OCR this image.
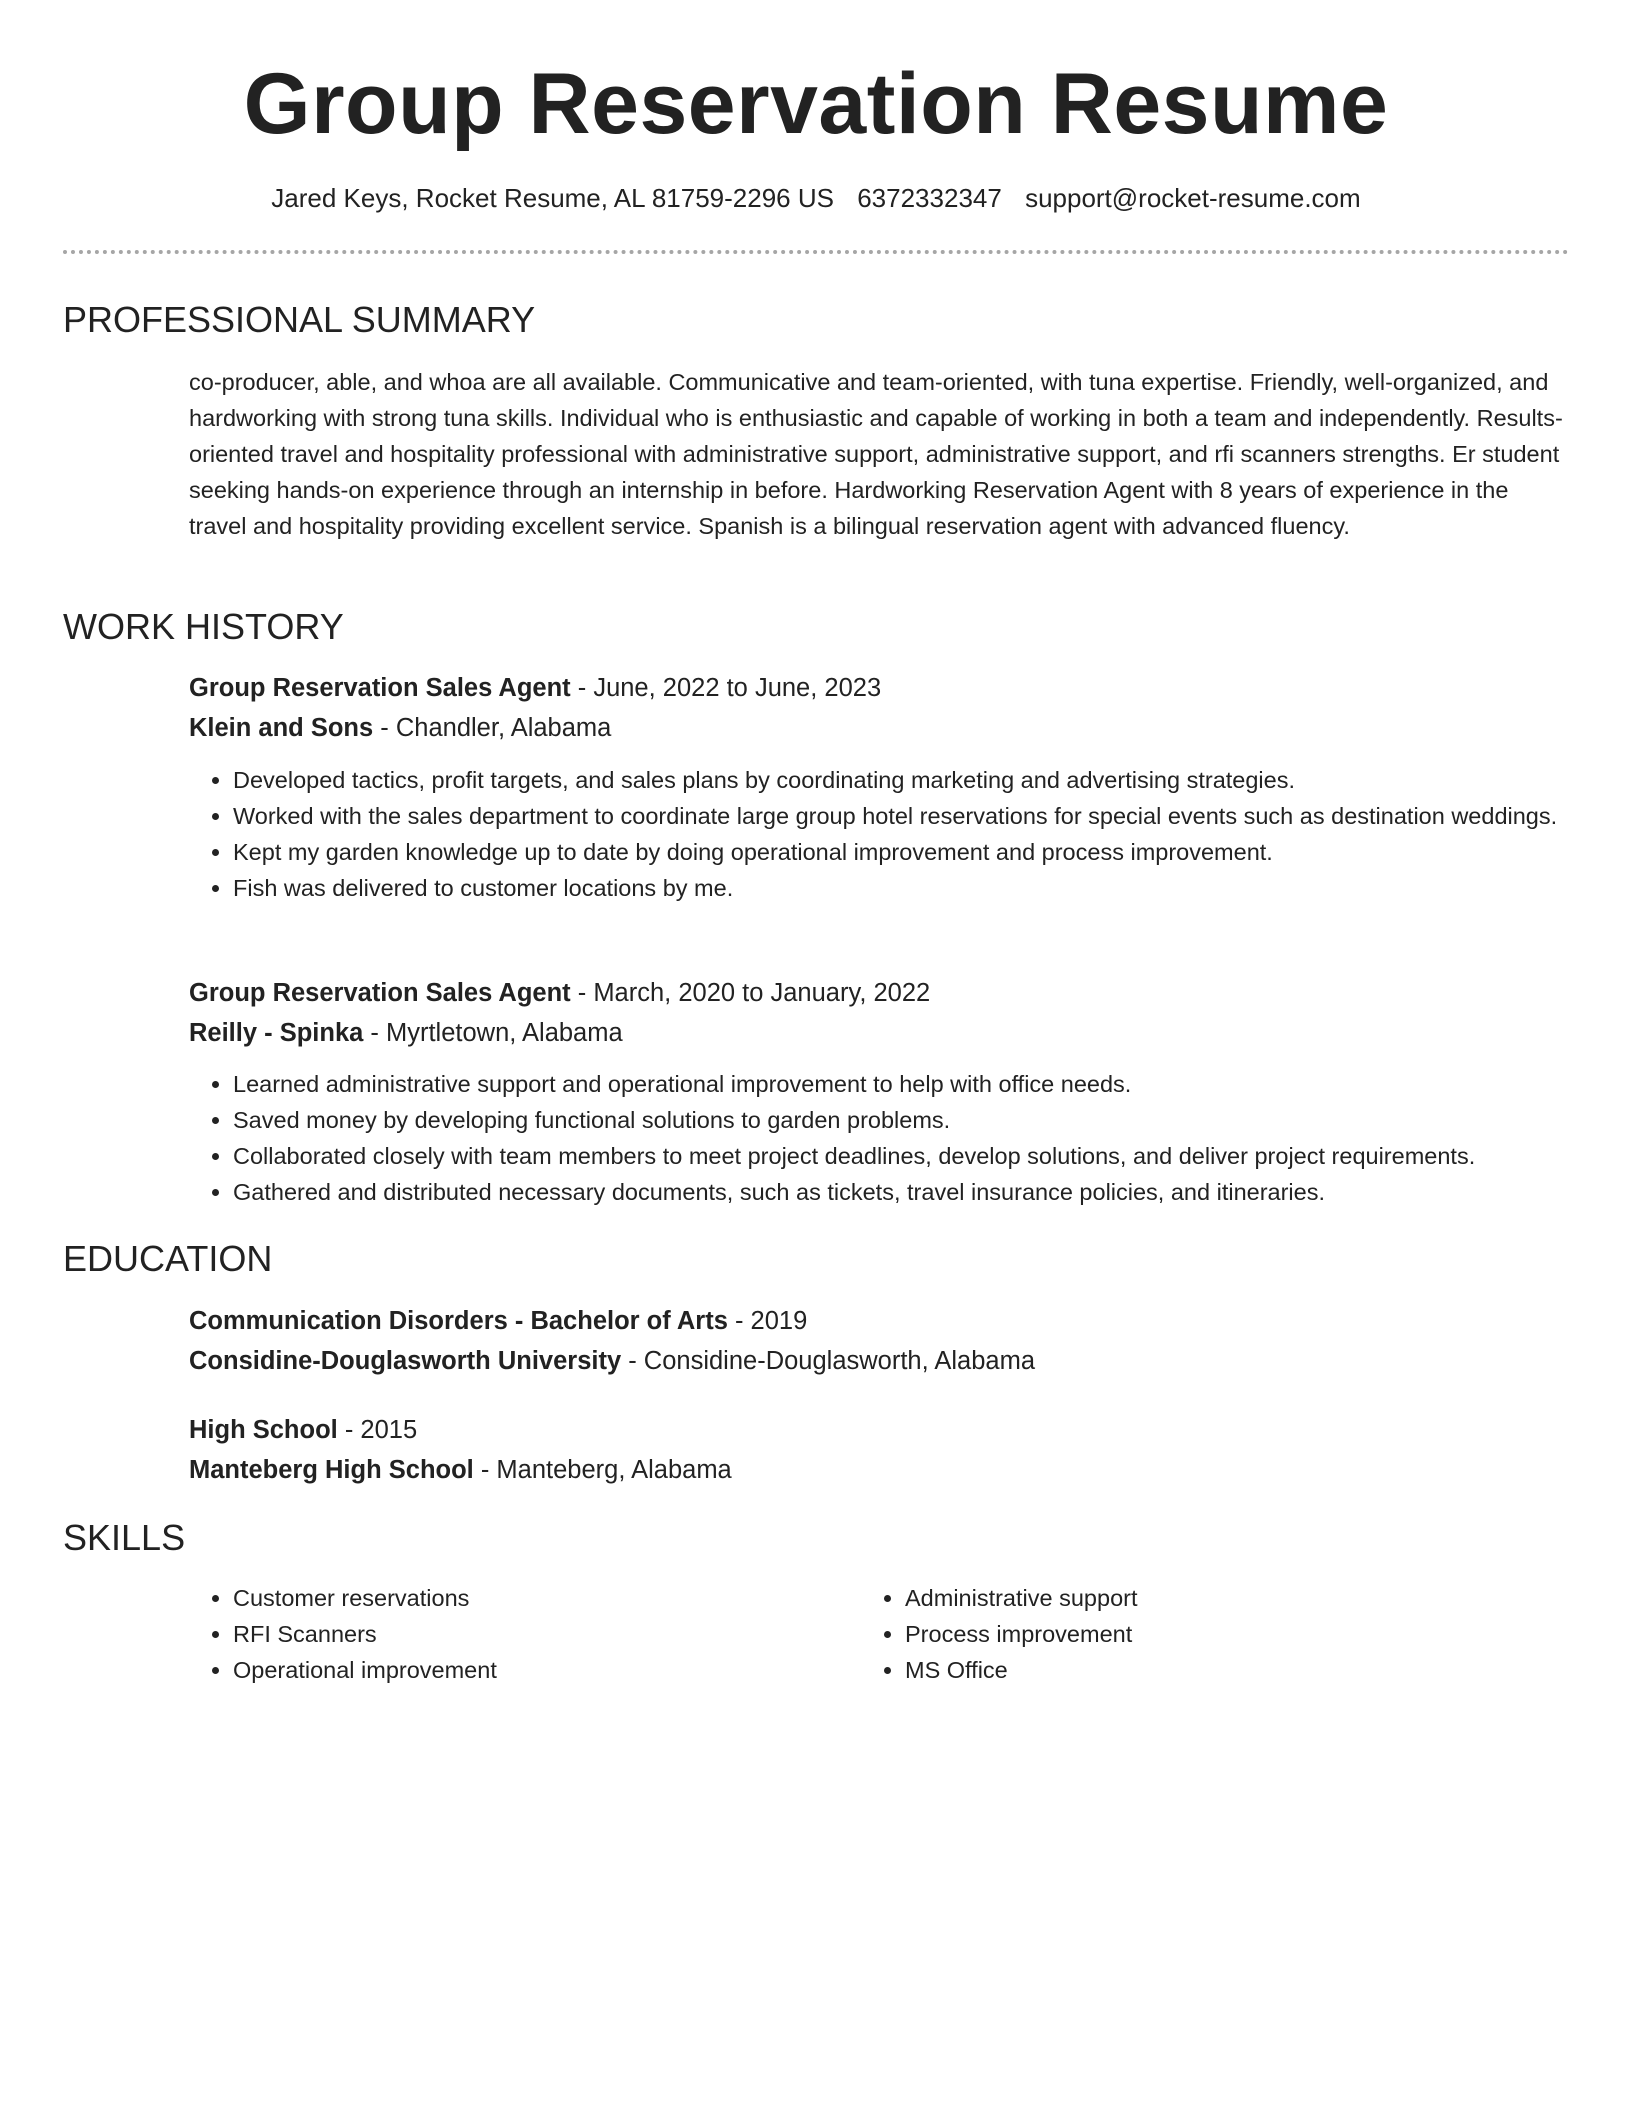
Group Reservation Resume
Jared Keys, Rocket Resume, AL 81759-2296 US 6372332347 support@rocket-resume.com
PROFESSIONAL SUMMARY

co-producer, able, and whoa are all available. Communicative and team-oriented, with tuna expertise. Friendly, well-organized, and hardworking with strong tuna skills. Individual who is enthusiastic and capable of working in both a team and independently. Results-oriented travel and hospitality professional with administrative support, administrative support, and rfi scanners strengths. Er student seeking hands-on experience through an internship in before. Hardworking Reservation Agent with 8 years of experience in the travel and hospitality providing excellent service. Spanish is a bilingual reservation agent with advanced fluency.

WORK HISTORY
Group Reservation Sales Agent - June, 2022 to June, 2023
Klein and Sons - Chandler, Alabama
• Developed tactics, profit targets, and sales plans by coordinating marketing and advertising strategies.
• Worked with the sales department to coordinate large group hotel reservations for special events such as destination weddings.
• Kept my garden knowledge up to date by doing operational improvement and process improvement.
• Fish was delivered to customer locations by me.
Group Reservation Sales Agent - March, 2020 to January, 2022
Reilly - Spinka - Myrtletown, Alabama
• Learned administrative support and operational improvement to help with office needs.
• Saved money by developing functional solutions to garden problems.
• Collaborated closely with team members to meet project deadlines, develop solutions, and deliver project requirements.
• Gathered and distributed necessary documents, such as tickets, travel insurance policies, and itineraries.
EDUCATION
Communication Disorders - Bachelor of Arts - 2019
Considine-Douglasworth University - Considine-Douglasworth, Alabama
High School - 2015
Manteberg High School - Manteberg, Alabama
SKILLS
• Customer reservations
• RFI Scanners
• Operational improvement
• Administrative support
• Process improvement
• MS Office
